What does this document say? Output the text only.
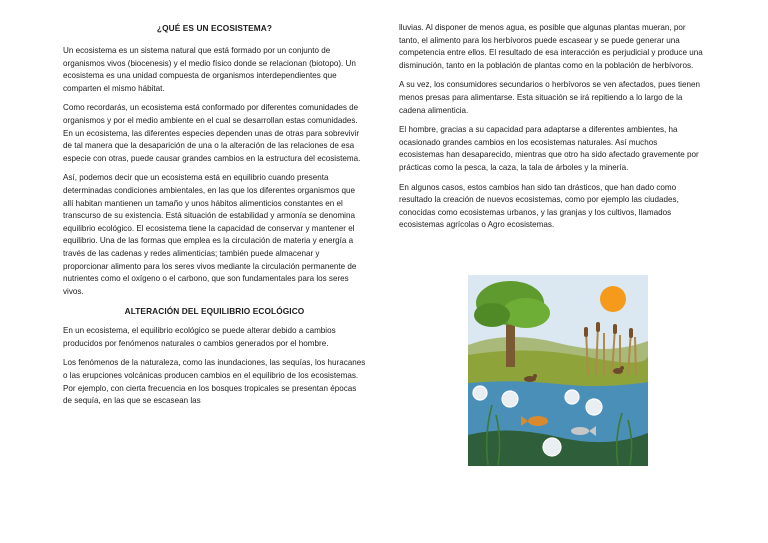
¿QUÉ ES UN ECOSISTEMA?

Un ecosistema es un sistema natural que está formado por un conjunto de organismos vivos (biocenesis) y el medio físico donde se relacionan (biotopo). Un ecosistema es una unidad compuesta de organismos interdependientes que comparten el mismo hábitat.

Como recordarás, un ecosistema está conformado por diferentes comunidades de organismos y por el medio ambiente en el cual se desarrollan estas comunidades. En un ecosistema, las diferentes especies dependen unas de otras para sobrevivir de tal manera que la desaparición de una o la alteración de las relaciones de esa especie con otras, puede causar grandes cambios en la estructura del ecosistema.

Así, podemos decir que un ecosistema está en equilibrio cuando presenta determinadas condiciones ambientales, en las que los diferentes organismos que allí habitan mantienen un tamaño y unos hábitos alimenticios constantes en el transcurso de su existencia. Está situación de estabilidad y armonía se denomina equilibrio ecológico. El ecosistema tiene la capacidad de conservar y mantener el equilibrio. Una de las formas que emplea es la circulación de materia y energía a través de las cadenas y redes alimenticias; también puede almacenar y proporcionar alimento para los seres vivos mediante la circulación permanente de nutrientes como el oxígeno o el carbono, que son fundamentales para los seres vivos.

ALTERACIÓN DEL EQUILIBRIO ECOLÓGICO

En un ecosistema, el equilibrio ecológico se puede alterar debido a cambios producidos por fenómenos naturales o cambios generados por el hombre.

Los fenómenos de la naturaleza, como las inundaciones, las sequías, los huracanes o las erupciones volcánicas producen cambios en el equilibrio de los ecosistemas. Por ejemplo, con cierta frecuencia en los bosques tropicales se presentan épocas de sequía, en las que se escasean las

lluvias. Al disponer de menos agua, es posible que algunas plantas mueran, por tanto, el alimento para los herbívoros puede escasear y se puede generar una competencia entre ellos. El resultado de esa interacción es perjudicial y produce una disminución, tanto en la población de plantas como en la población de herbívoros.

A su vez, los consumidores secundarios o herbívoros se ven afectados, pues tienen menos presas para alimentarse. Esta situación se irá repitiendo a lo largo de la cadena alimenticia.

El hombre, gracias a su capacidad para adaptarse a diferentes ambientes, ha ocasionado grandes cambios en los ecosistemas naturales. Así muchos ecosistemas han desaparecido, mientras que otro ha sido afectado gravemente por prácticas como la pesca, la caza, la tala de árboles y la minería.

En algunos casos, estos cambios han sido tan drásticos, que han dado como resultado la creación de nuevos ecosistemas, como por ejemplo las ciudades, conocidas como ecosistemas urbanos, y las granjas y los cultivos, llamados ecosistemas agrícolas o Agro ecosistemas.
